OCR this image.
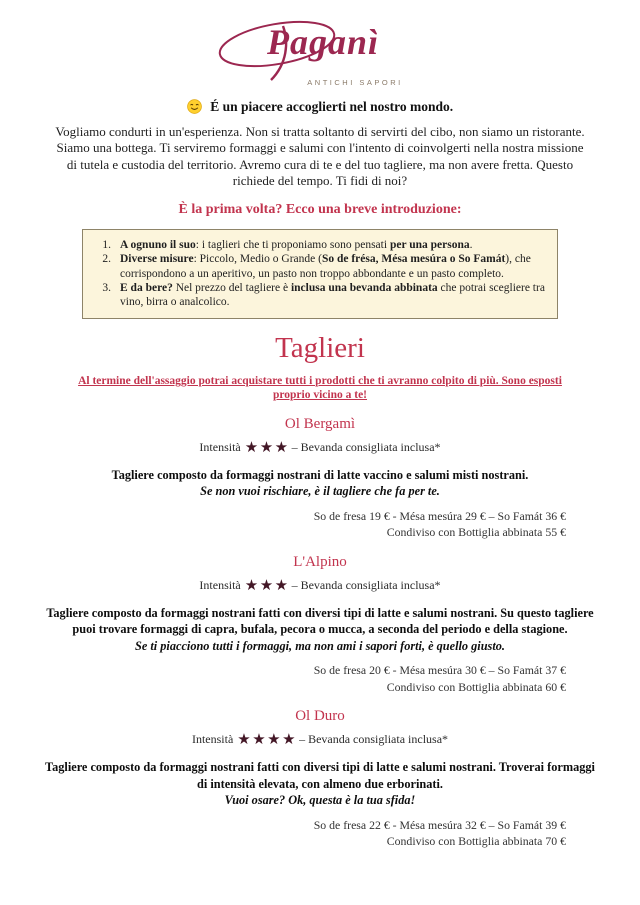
Paganì
ANTICHI SAPORI
É un piacere accoglierti nel nostro mondo.

Vogliamo condurti in un'esperienza. Non si tratta soltanto di servirti del cibo, non siamo un ristorante. Siamo una bottega. Ti serviremo formaggi e salumi con l'intento di coinvolgerti nella nostra missione di tutela e custodia del territorio. Avremo cura di te e del tuo tagliere, ma non avere fretta. Questo richiede del tempo. Ti fidi di noi?

È la prima volta? Ecco una breve introduzione:
1. A ognuno il suo: i taglieri che ti proponiamo sono pensati per una persona.
2. Diverse misure: Piccolo, Medio o Grande (So de frésa, Mésa mesúra o So Famát), che corrispondono a un aperitivo, un pasto non troppo abbondante e un pasto completo.
3. E da bere? Nel prezzo del tagliere è inclusa una bevanda abbinata che potrai scegliere tra vino, birra o analcolico.
Taglieri

Al termine dell'assaggio potrai acquistare tutti i prodotti che ti avranno colpito di più. Sono esposti proprio vicino a te!

Ol Bergamì
Intensità ★★★ – Bevanda consigliata inclusa*
Tagliere composto da formaggi nostrani di latte vaccino e salumi misti nostrani.
Se non vuoi rischiare, è il tagliere che fa per te.
So de fresa 19 € - Mésa mesúra 29 € – So Famát 36 €
Condiviso con Bottiglia abbinata 55 €
L'Alpino
Intensità ★★★ – Bevanda consigliata inclusa*
Tagliere composto da formaggi nostrani fatti con diversi tipi di latte e salumi nostrani. Su questo tagliere puoi trovare formaggi di capra, bufala, pecora o mucca, a seconda del periodo e della stagione.
Se ti piacciono tutti i formaggi, ma non ami i sapori forti, è quello giusto.
So de fresa 20 € - Mésa mesúra 30 € – So Famát 37 €
Condiviso con Bottiglia abbinata 60 €
Ol Duro
Intensità ★★★★ – Bevanda consigliata inclusa*
Tagliere composto da formaggi nostrani fatti con diversi tipi di latte e salumi nostrani. Troverai formaggi di intensità elevata, con almeno due erborinati.
Vuoi osare? Ok, questa è la tua sfida!
So de fresa 22 € - Mésa mesúra 32 € – So Famát 39 €
Condiviso con Bottiglia abbinata 70 €
